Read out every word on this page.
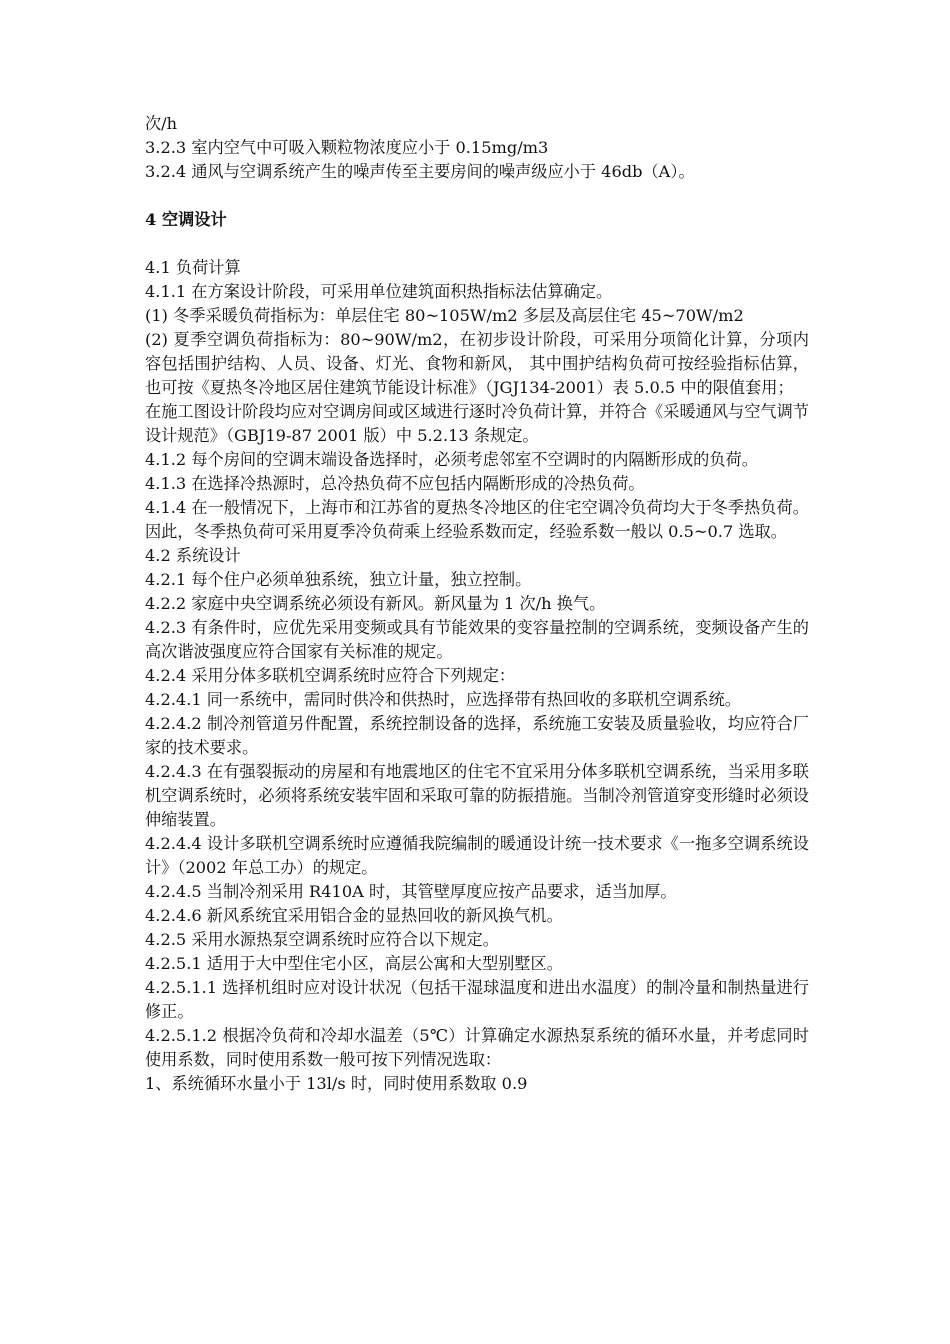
次/h

3.2.3 室内空气中可吸入颗粒物浓度应小于 0.15mg/m3

3.2.4 通风与空调系统产生的噪声传至主要房间的噪声级应小于 46db（A）。

4 空调设计

4.1 负荷计算

4.1.1 在方案设计阶段，可采用单位建筑面积热指标法估算确定。

(1) 冬季采暖负荷指标为：单层住宅 80~105W/m2 多层及高层住宅 45~70W/m2

(2) 夏季空调负荷指标为：80~90W/m2，在初步设计阶段，可采用分项简化计算，分项内容包括围护结构、人员、设备、灯光、食物和新风， 其中围护结构负荷可按经验指标估算，也可按《夏热冬冷地区居住建筑节能设计标准》（JGJ134-2001）表 5.0.5 中的限值套用；

在施工图设计阶段均应对空调房间或区域进行逐时冷负荷计算，并符合《采暖通风与空气调节设计规范》（GBJ19-87 2001 版）中 5.2.13 条规定。

4.1.2 每个房间的空调末端设备选择时，必须考虑邻室不空调时的内隔断形成的负荷。

4.1.3 在选择冷热源时，总冷热负荷不应包括内隔断形成的冷热负荷。

4.1.4 在一般情况下，上海市和江苏省的夏热冬冷地区的住宅空调冷负荷均大于冬季热负荷。因此，冬季热负荷可采用夏季冷负荷乘上经验系数而定，经验系数一般以 0.5~0.7 选取。

4.2 系统设计

4.2.1 每个住户必须单独系统，独立计量，独立控制。

4.2.2 家庭中央空调系统必须设有新风。新风量为 1 次/h 换气。

4.2.3 有条件时，应优先采用变频或具有节能效果的变容量控制的空调系统，变频设备产生的高次谐波强度应符合国家有关标准的规定。

4.2.4 采用分体多联机空调系统时应符合下列规定：

4.2.4.1 同一系统中，需同时供冷和供热时，应选择带有热回收的多联机空调系统。

4.2.4.2 制冷剂管道另件配置，系统控制设备的选择，系统施工安装及质量验收，均应符合厂家的技术要求。

4.2.4.3 在有强裂振动的房屋和有地震地区的住宅不宜采用分体多联机空调系统，当采用多联机空调系统时，必须将系统安装牢固和采取可靠的防振措施。当制冷剂管道穿变形缝时必须设伸缩装置。

4.2.4.4 设计多联机空调系统时应遵循我院编制的暖通设计统一技术要求《一拖多空调系统设计》（2002 年总工办）的规定。

4.2.4.5 当制冷剂采用 R410A 时，其管壁厚度应按产品要求，适当加厚。

4.2.4.6 新风系统宜采用铝合金的显热回收的新风换气机。

4.2.5 采用水源热泵空调系统时应符合以下规定。

4.2.5.1 适用于大中型住宅小区，高层公寓和大型别墅区。

4.2.5.1.1 选择机组时应对设计状况（包括干湿球温度和进出水温度）的制冷量和制热量进行修正。

4.2.5.1.2 根据冷负荷和冷却水温差（5℃）计算确定水源热泵系统的循环水量，并考虑同时使用系数，同时使用系数一般可按下列情况选取：

1、系统循环水量小于 13l/s 时，同时使用系数取 0.9
